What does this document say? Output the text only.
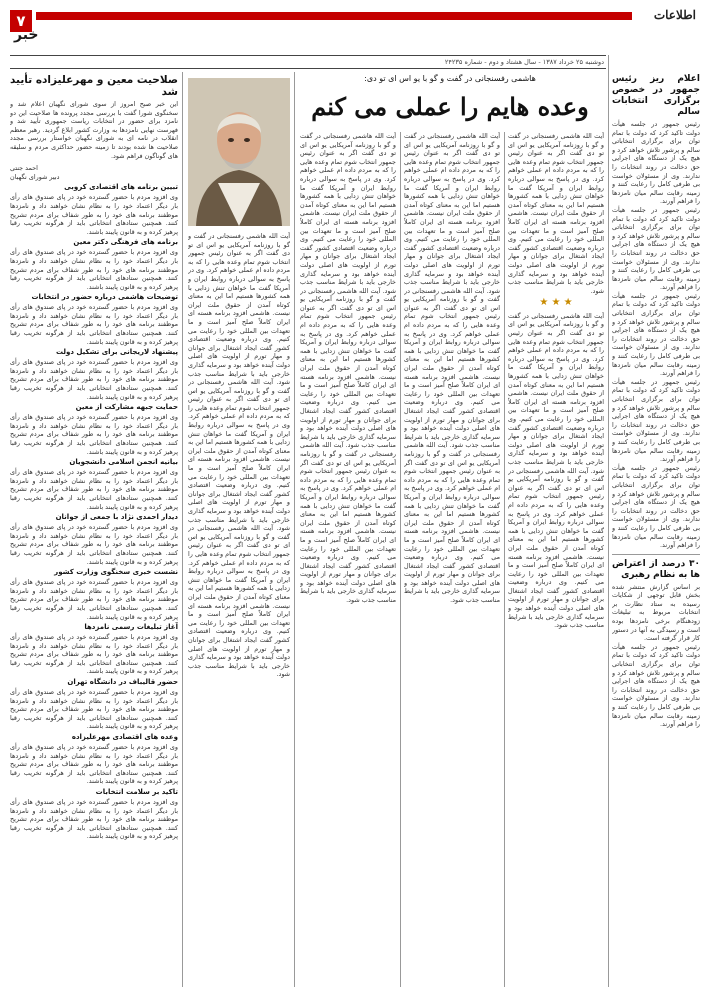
۷	اطلاعات
خبر
دوشنبه ۲۵ خرداد ۱۳۸۷ - سال هشتاد و دوم - شماره ۲۴۲۳۵
صلاحیت معین و مهرعلیزاده تأیید شد
این خبر صبح امروز از سوی شورای نگهبان اعلام شد و سخنگوی شورا گفت با بررسی مجدد پرونده ها صلاحیت این دو نامزد برای حضور در انتخابات ریاست جمهوری تأیید شد و فهرست نهایی نامزدها به وزارت کشور ابلاغ گردید. رهبر معظم انقلاب در نامه ای به شورای نگهبان خواستار بررسی مجدد صلاحیت ها شده بودند تا زمینه حضور حداکثری مردم و سلیقه های گوناگون فراهم شود.
احمد جنتی
دبیر شورای نگهبان
تبیین برنامه های اقتصادی کروبی
وی افزود مردم با حضور گسترده خود در پای صندوق های رأی بار دیگر اعتماد خود را به نظام نشان خواهند داد و نامزدها موظفند برنامه های خود را به طور شفاف برای مردم تشریح کنند. همچنین ستادهای انتخاباتی باید از هرگونه تخریب رقبا پرهیز کرده و به قانون پایبند باشند.
برنامه های فرهنگی دکتر معین
وی افزود مردم با حضور گسترده خود در پای صندوق های رأی بار دیگر اعتماد خود را به نظام نشان خواهند داد و نامزدها موظفند برنامه های خود را به طور شفاف برای مردم تشریح کنند. همچنین ستادهای انتخاباتی باید از هرگونه تخریب رقبا پرهیز کرده و به قانون پایبند باشند.
توضیحات هاشمی درباره حضور در انتخابات
وی افزود مردم با حضور گسترده خود در پای صندوق های رأی بار دیگر اعتماد خود را به نظام نشان خواهند داد و نامزدها موظفند برنامه های خود را به طور شفاف برای مردم تشریح کنند. همچنین ستادهای انتخاباتی باید از هرگونه تخریب رقبا پرهیز کرده و به قانون پایبند باشند.
پیشنهاد لاریجانی برای تشکیل دولت
وی افزود مردم با حضور گسترده خود در پای صندوق های رأی بار دیگر اعتماد خود را به نظام نشان خواهند داد و نامزدها موظفند برنامه های خود را به طور شفاف برای مردم تشریح کنند. همچنین ستادهای انتخاباتی باید از هرگونه تخریب رقبا پرهیز کرده و به قانون پایبند باشند.
حمایت جبهه مشارکت از معین
وی افزود مردم با حضور گسترده خود در پای صندوق های رأی بار دیگر اعتماد خود را به نظام نشان خواهند داد و نامزدها موظفند برنامه های خود را به طور شفاف برای مردم تشریح کنند. همچنین ستادهای انتخاباتی باید از هرگونه تخریب رقبا پرهیز کرده و به قانون پایبند باشند.
بیانیه انجمن اسلامی دانشجویان
وی افزود مردم با حضور گسترده خود در پای صندوق های رأی بار دیگر اعتماد خود را به نظام نشان خواهند داد و نامزدها موظفند برنامه های خود را به طور شفاف برای مردم تشریح کنند. همچنین ستادهای انتخاباتی باید از هرگونه تخریب رقبا پرهیز کرده و به قانون پایبند باشند.
دیدار احمدی نژاد با جمعی از جوانان
وی افزود مردم با حضور گسترده خود در پای صندوق های رأی بار دیگر اعتماد خود را به نظام نشان خواهند داد و نامزدها موظفند برنامه های خود را به طور شفاف برای مردم تشریح کنند. همچنین ستادهای انتخاباتی باید از هرگونه تخریب رقبا پرهیز کرده و به قانون پایبند باشند.
نشست خبری سخنگوی وزارت کشور
وی افزود مردم با حضور گسترده خود در پای صندوق های رأی بار دیگر اعتماد خود را به نظام نشان خواهند داد و نامزدها موظفند برنامه های خود را به طور شفاف برای مردم تشریح کنند. همچنین ستادهای انتخاباتی باید از هرگونه تخریب رقبا پرهیز کرده و به قانون پایبند باشند.
آغاز تبلیغات رسمی نامزدها
وی افزود مردم با حضور گسترده خود در پای صندوق های رأی بار دیگر اعتماد خود را به نظام نشان خواهند داد و نامزدها موظفند برنامه های خود را به طور شفاف برای مردم تشریح کنند. همچنین ستادهای انتخاباتی باید از هرگونه تخریب رقبا پرهیز کرده و به قانون پایبند باشند.
حضور قالیباف در دانشگاه تهران
وی افزود مردم با حضور گسترده خود در پای صندوق های رأی بار دیگر اعتماد خود را به نظام نشان خواهند داد و نامزدها موظفند برنامه های خود را به طور شفاف برای مردم تشریح کنند. همچنین ستادهای انتخاباتی باید از هرگونه تخریب رقبا پرهیز کرده و به قانون پایبند باشند.
وعده های اقتصادی مهرعلیزاده
وی افزود مردم با حضور گسترده خود در پای صندوق های رأی بار دیگر اعتماد خود را به نظام نشان خواهند داد و نامزدها موظفند برنامه های خود را به طور شفاف برای مردم تشریح کنند. همچنین ستادهای انتخاباتی باید از هرگونه تخریب رقبا پرهیز کرده و به قانون پایبند باشند.
تاکید بر سلامت انتخابات
وی افزود مردم با حضور گسترده خود در پای صندوق های رأی بار دیگر اعتماد خود را به نظام نشان خواهند داد و نامزدها موظفند برنامه های خود را به طور شفاف برای مردم تشریح کنند. همچنین ستادهای انتخاباتی باید از هرگونه تخریب رقبا پرهیز کرده و به قانون پایبند باشند.
آیت الله هاشمی رفسنجانی در گفت و گو با روزنامه آمریکایی یو اس ای تو دی گفت اگر به عنوان رئیس جمهور انتخاب شوم تمام وعده هایی را که به مردم داده ام عملی خواهم کرد. وی در پاسخ به سوالی درباره روابط ایران و آمریکا گفت ما خواهان تنش زدایی با همه کشورها هستیم اما این به معنای کوتاه آمدن از حقوق ملت ایران نیست. هاشمی افزود برنامه هسته ای ایران کاملاً صلح آمیز است و ما تعهدات بین المللی خود را رعایت می کنیم. وی درباره وضعیت اقتصادی کشور گفت ایجاد اشتغال برای جوانان و مهار تورم از اولویت های اصلی دولت آینده خواهد بود و سرمایه گذاری خارجی باید با شرایط مناسب جذب شود. آیت الله هاشمی رفسنجانی در گفت و گو با روزنامه آمریکایی یو اس ای تو دی گفت اگر به عنوان رئیس جمهور انتخاب شوم تمام وعده هایی را که به مردم داده ام عملی خواهم کرد. وی در پاسخ به سوالی درباره روابط ایران و آمریکا گفت ما خواهان تنش زدایی با همه کشورها هستیم اما این به معنای کوتاه آمدن از حقوق ملت ایران نیست. هاشمی افزود برنامه هسته ای ایران کاملاً صلح آمیز است و ما تعهدات بین المللی خود را رعایت می کنیم. وی درباره وضعیت اقتصادی کشور گفت ایجاد اشتغال برای جوانان و مهار تورم از اولویت های اصلی دولت آینده خواهد بود و سرمایه گذاری خارجی باید با شرایط مناسب جذب شود. آیت الله هاشمی رفسنجانی در گفت و گو با روزنامه آمریکایی یو اس ای تو دی گفت اگر به عنوان رئیس جمهور انتخاب شوم تمام وعده هایی را که به مردم داده ام عملی خواهم کرد. وی در پاسخ به سوالی درباره روابط ایران و آمریکا گفت ما خواهان تنش زدایی با همه کشورها هستیم اما این به معنای کوتاه آمدن از حقوق ملت ایران نیست. هاشمی افزود برنامه هسته ای ایران کاملاً صلح آمیز است و ما تعهدات بین المللی خود را رعایت می کنیم. وی درباره وضعیت اقتصادی کشور گفت ایجاد اشتغال برای جوانان و مهار تورم از اولویت های اصلی دولت آینده خواهد بود و سرمایه گذاری خارجی باید با شرایط مناسب جذب شود.
هاشمی رفسنجانی در گفت و گو با یو اس ای تو دی:
وعده هایم را عملی می کنم
آیت الله هاشمی رفسنجانی در گفت و گو با روزنامه آمریکایی یو اس ای تو دی گفت اگر به عنوان رئیس جمهور انتخاب شوم تمام وعده هایی را که به مردم داده ام عملی خواهم کرد. وی در پاسخ به سوالی درباره روابط ایران و آمریکا گفت ما خواهان تنش زدایی با همه کشورها هستیم اما این به معنای کوتاه آمدن از حقوق ملت ایران نیست. هاشمی افزود برنامه هسته ای ایران کاملاً صلح آمیز است و ما تعهدات بین المللی خود را رعایت می کنیم. وی درباره وضعیت اقتصادی کشور گفت ایجاد اشتغال برای جوانان و مهار تورم از اولویت های اصلی دولت آینده خواهد بود و سرمایه گذاری خارجی باید با شرایط مناسب جذب شود. آیت الله هاشمی رفسنجانی در گفت و گو با روزنامه آمریکایی یو اس ای تو دی گفت اگر به عنوان رئیس جمهور انتخاب شوم تمام وعده هایی را که به مردم داده ام عملی خواهم کرد. وی در پاسخ به سوالی درباره روابط ایران و آمریکا گفت ما خواهان تنش زدایی با همه کشورها هستیم اما این به معنای کوتاه آمدن از حقوق ملت ایران نیست. هاشمی افزود برنامه هسته ای ایران کاملاً صلح آمیز است و ما تعهدات بین المللی خود را رعایت می کنیم. وی درباره وضعیت اقتصادی کشور گفت ایجاد اشتغال برای جوانان و مهار تورم از اولویت های اصلی دولت آینده خواهد بود و سرمایه گذاری خارجی باید با شرایط مناسب جذب شود. آیت الله هاشمی رفسنجانی در گفت و گو با روزنامه آمریکایی یو اس ای تو دی گفت اگر به عنوان رئیس جمهور انتخاب شوم تمام وعده هایی را که به مردم داده ام عملی خواهم کرد. وی در پاسخ به سوالی درباره روابط ایران و آمریکا گفت ما خواهان تنش زدایی با همه کشورها هستیم اما این به معنای کوتاه آمدن از حقوق ملت ایران نیست. هاشمی افزود برنامه هسته ای ایران کاملاً صلح آمیز است و ما تعهدات بین المللی خود را رعایت می کنیم. وی درباره وضعیت اقتصادی کشور گفت ایجاد اشتغال برای جوانان و مهار تورم از اولویت های اصلی دولت آینده خواهد بود و سرمایه گذاری خارجی باید با شرایط مناسب جذب شود.
آیت الله هاشمی رفسنجانی در گفت و گو با روزنامه آمریکایی یو اس ای تو دی گفت اگر به عنوان رئیس جمهور انتخاب شوم تمام وعده هایی را که به مردم داده ام عملی خواهم کرد. وی در پاسخ به سوالی درباره روابط ایران و آمریکا گفت ما خواهان تنش زدایی با همه کشورها هستیم اما این به معنای کوتاه آمدن از حقوق ملت ایران نیست. هاشمی افزود برنامه هسته ای ایران کاملاً صلح آمیز است و ما تعهدات بین المللی خود را رعایت می کنیم. وی درباره وضعیت اقتصادی کشور گفت ایجاد اشتغال برای جوانان و مهار تورم از اولویت های اصلی دولت آینده خواهد بود و سرمایه گذاری خارجی باید با شرایط مناسب جذب شود. آیت الله هاشمی رفسنجانی در گفت و گو با روزنامه آمریکایی یو اس ای تو دی گفت اگر به عنوان رئیس جمهور انتخاب شوم تمام وعده هایی را که به مردم داده ام عملی خواهم کرد. وی در پاسخ به سوالی درباره روابط ایران و آمریکا گفت ما خواهان تنش زدایی با همه کشورها هستیم اما این به معنای کوتاه آمدن از حقوق ملت ایران نیست. هاشمی افزود برنامه هسته ای ایران کاملاً صلح آمیز است و ما تعهدات بین المللی خود را رعایت می کنیم. وی درباره وضعیت اقتصادی کشور گفت ایجاد اشتغال برای جوانان و مهار تورم از اولویت های اصلی دولت آینده خواهد بود و سرمایه گذاری خارجی باید با شرایط مناسب جذب شود. آیت الله هاشمی رفسنجانی در گفت و گو با روزنامه آمریکایی یو اس ای تو دی گفت اگر به عنوان رئیس جمهور انتخاب شوم تمام وعده هایی را که به مردم داده ام عملی خواهم کرد. وی در پاسخ به سوالی درباره روابط ایران و آمریکا گفت ما خواهان تنش زدایی با همه کشورها هستیم اما این به معنای کوتاه آمدن از حقوق ملت ایران نیست. هاشمی افزود برنامه هسته ای ایران کاملاً صلح آمیز است و ما تعهدات بین المللی خود را رعایت می کنیم. وی درباره وضعیت اقتصادی کشور گفت ایجاد اشتغال برای جوانان و مهار تورم از اولویت های اصلی دولت آینده خواهد بود و سرمایه گذاری خارجی باید با شرایط مناسب جذب شود.
آیت الله هاشمی رفسنجانی در گفت و گو با روزنامه آمریکایی یو اس ای تو دی گفت اگر به عنوان رئیس جمهور انتخاب شوم تمام وعده هایی را که به مردم داده ام عملی خواهم کرد. وی در پاسخ به سوالی درباره روابط ایران و آمریکا گفت ما خواهان تنش زدایی با همه کشورها هستیم اما این به معنای کوتاه آمدن از حقوق ملت ایران نیست. هاشمی افزود برنامه هسته ای ایران کاملاً صلح آمیز است و ما تعهدات بین المللی خود را رعایت می کنیم. وی درباره وضعیت اقتصادی کشور گفت ایجاد اشتغال برای جوانان و مهار تورم از اولویت های اصلی دولت آینده خواهد بود و سرمایه گذاری خارجی باید با شرایط مناسب جذب شود.
★ ★ ★
آیت الله هاشمی رفسنجانی در گفت و گو با روزنامه آمریکایی یو اس ای تو دی گفت اگر به عنوان رئیس جمهور انتخاب شوم تمام وعده هایی را که به مردم داده ام عملی خواهم کرد. وی در پاسخ به سوالی درباره روابط ایران و آمریکا گفت ما خواهان تنش زدایی با همه کشورها هستیم اما این به معنای کوتاه آمدن از حقوق ملت ایران نیست. هاشمی افزود برنامه هسته ای ایران کاملاً صلح آمیز است و ما تعهدات بین المللی خود را رعایت می کنیم. وی درباره وضعیت اقتصادی کشور گفت ایجاد اشتغال برای جوانان و مهار تورم از اولویت های اصلی دولت آینده خواهد بود و سرمایه گذاری خارجی باید با شرایط مناسب جذب شود. آیت الله هاشمی رفسنجانی در گفت و گو با روزنامه آمریکایی یو اس ای تو دی گفت اگر به عنوان رئیس جمهور انتخاب شوم تمام وعده هایی را که به مردم داده ام عملی خواهم کرد. وی در پاسخ به سوالی درباره روابط ایران و آمریکا گفت ما خواهان تنش زدایی با همه کشورها هستیم اما این به معنای کوتاه آمدن از حقوق ملت ایران نیست. هاشمی افزود برنامه هسته ای ایران کاملاً صلح آمیز است و ما تعهدات بین المللی خود را رعایت می کنیم. وی درباره وضعیت اقتصادی کشور گفت ایجاد اشتغال برای جوانان و مهار تورم از اولویت های اصلی دولت آینده خواهد بود و سرمایه گذاری خارجی باید با شرایط مناسب جذب شود.
اعلام ریز رئیس جمهور در خصوص برگزاری انتخابات سالم
رئیس جمهور در جلسه هیأت دولت تاکید کرد که دولت با تمام توان برای برگزاری انتخاباتی سالم و پرشور تلاش خواهد کرد و هیچ یک از دستگاه های اجرایی حق دخالت در روند انتخابات را ندارند. وی از مسئولان خواست بی طرفی کامل را رعایت کنند و زمینه رقابت سالم میان نامزدها را فراهم آورند.
رئیس جمهور در جلسه هیأت دولت تاکید کرد که دولت با تمام توان برای برگزاری انتخاباتی سالم و پرشور تلاش خواهد کرد و هیچ یک از دستگاه های اجرایی حق دخالت در روند انتخابات را ندارند. وی از مسئولان خواست بی طرفی کامل را رعایت کنند و زمینه رقابت سالم میان نامزدها را فراهم آورند.
رئیس جمهور در جلسه هیأت دولت تاکید کرد که دولت با تمام توان برای برگزاری انتخاباتی سالم و پرشور تلاش خواهد کرد و هیچ یک از دستگاه های اجرایی حق دخالت در روند انتخابات را ندارند. وی از مسئولان خواست بی طرفی کامل را رعایت کنند و زمینه رقابت سالم میان نامزدها را فراهم آورند.
رئیس جمهور در جلسه هیأت دولت تاکید کرد که دولت با تمام توان برای برگزاری انتخاباتی سالم و پرشور تلاش خواهد کرد و هیچ یک از دستگاه های اجرایی حق دخالت در روند انتخابات را ندارند. وی از مسئولان خواست بی طرفی کامل را رعایت کنند و زمینه رقابت سالم میان نامزدها را فراهم آورند.
رئیس جمهور در جلسه هیأت دولت تاکید کرد که دولت با تمام توان برای برگزاری انتخاباتی سالم و پرشور تلاش خواهد کرد و هیچ یک از دستگاه های اجرایی حق دخالت در روند انتخابات را ندارند. وی از مسئولان خواست بی طرفی کامل را رعایت کنند و زمینه رقابت سالم میان نامزدها را فراهم آورند.
۳۰ درصد از اعتراض ها به نظام رهبری
بر اساس گزارش منتشر شده بخش قابل توجهی از شکایات رسیده به ستاد نظارت بر انتخابات مربوط به تبلیغات زودهنگام برخی نامزدها بوده است و رسیدگی به آنها در دستور کار قرار گرفته است.
رئیس جمهور در جلسه هیأت دولت تاکید کرد که دولت با تمام توان برای برگزاری انتخاباتی سالم و پرشور تلاش خواهد کرد و هیچ یک از دستگاه های اجرایی حق دخالت در روند انتخابات را ندارند. وی از مسئولان خواست بی طرفی کامل را رعایت کنند و زمینه رقابت سالم میان نامزدها را فراهم آورند.
